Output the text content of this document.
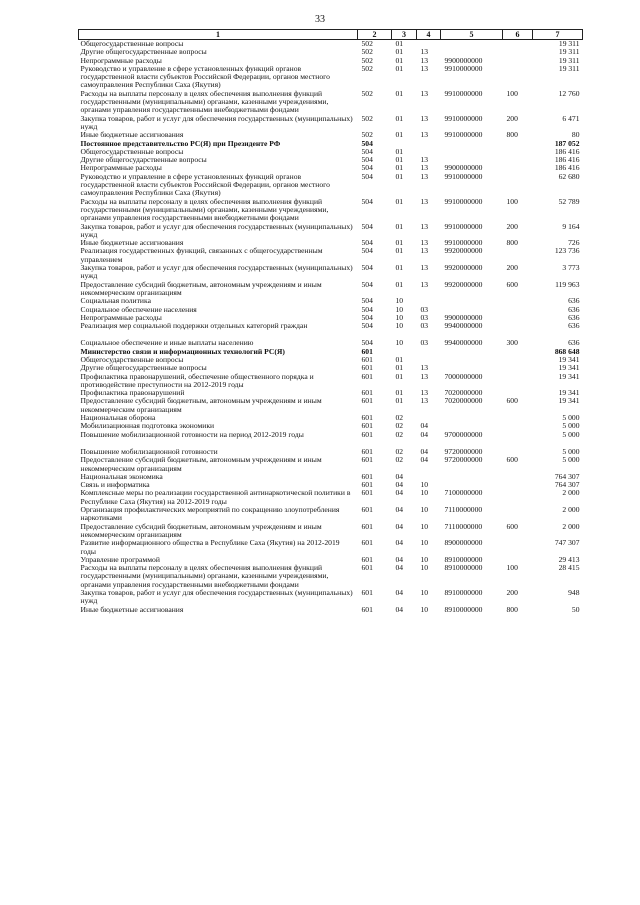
33
1	2	3	4	5	6	7
Общегосударственные вопросы	502	01				19 311
Другие общегосударственные вопросы	502	01	13			19 311
Непрограммные расходы	502	01	13	9900000000		19 311
Руководство и управление в сфере установленных функций органов государственной власти субъектов Российской Федерации, органов местного самоуправления Республики Саха (Якутия)	502	01	13	9910000000		19 311
Расходы на выплаты персоналу в целях обеспечения выполнения функций государственными (муниципальными) органами, казенными учреждениями, органами управления государственными внебюджетными фондами	502	01	13	9910000000	100	12 760
Закупка товаров, работ и услуг для обеспечения государственных (муниципальных) нужд	502	01	13	9910000000	200	6 471
Иные бюджетные ассигнования	502	01	13	9910000000	800	80
Постоянное представительство РС(Я) при Президенте РФ	504					187 052
Общегосударственные вопросы	504	01				186 416
Другие общегосударственные вопросы	504	01	13			186 416
Непрограммные расходы	504	01	13	9900000000		186 416
Руководство и управление в сфере установленных функций органов государственной власти субъектов Российской Федерации, органов местного самоуправления Республики Саха (Якутия)	504	01	13	9910000000		62 680
Расходы на выплаты персоналу в целях обеспечения выполнения функций государственными (муниципальными) органами, казенными учреждениями, органами управления государственными внебюджетными фондами	504	01	13	9910000000	100	52 789
Закупка товаров, работ и услуг для обеспечения государственных (муниципальных) нужд	504	01	13	9910000000	200	9 164
Иные бюджетные ассигнования	504	01	13	9910000000	800	726
Реализация государственных функций, связанных с общегосударственным управлением	504	01	13	9920000000		123 736
Закупка товаров, работ и услуг для обеспечения государственных (муниципальных) нужд	504	01	13	9920000000	200	3 773
Предоставление субсидий бюджетным, автономным учреждениям и иным некоммерческим организациям	504	01	13	9920000000	600	119 963
Социальная политика	504	10				636
Социальное обеспечение населения	504	10	03			636
Непрограммные расходы	504	10	03	9900000000		636
Реализация мер социальной поддержки отдельных категорий граждан	504	10	03	9940000000		636
Социальное обеспечение и иные выплаты населению	504	10	03	9940000000	300	636
Министерство связи и информационных технологий РС(Я)	601					868 648
Общегосударственные вопросы	601	01				19 341
Другие общегосударственные вопросы	601	01	13			19 341
Профилактика правонарушений, обеспечение общественного порядка и противодействие преступности на 2012-2019 годы	601	01	13	7000000000		19 341
Профилактика правонарушений	601	01	13	7020000000		19 341
Предоставление субсидий бюджетным, автономным учреждениям и иным некоммерческим организациям	601	01	13	7020000000	600	19 341
Национальная оборона	601	02				5 000
Мобилизационная подготовка экономики	601	02	04			5 000
Повышение мобилизационной готовности на период 2012-2019 годы	601	02	04	9700000000		5 000
Повышение мобилизационной готовности	601	02	04	9720000000		5 000
Предоставление субсидий бюджетным, автономным учреждениям и иным некоммерческим организациям	601	02	04	9720000000	600	5 000
Национальная экономика	601	04				764 307
Связь и информатика	601	04	10			764 307
Комплексные меры по реализации государственной антинаркотической политики в Республике Саха (Якутия) на 2012-2019 годы	601	04	10	7100000000		2 000
Организация профилактических мероприятий по сокращению злоупотребления наркотиками	601	04	10	7110000000		2 000
Предоставление субсидий бюджетным, автономным учреждениям и иным некоммерческим организациям	601	04	10	7110000000	600	2 000
Развитие информационного общества в Республике Саха (Якутия) на 2012-2019 годы	601	04	10	8900000000		747 307
Управление программой	601	04	10	8910000000		29 413
Расходы на выплаты персоналу в целях обеспечения выполнения функций государственными (муниципальными) органами, казенными учреждениями, органами управления государственными внебюджетными фондами	601	04	10	8910000000	100	28 415
Закупка товаров, работ и услуг для обеспечения государственных (муниципальных) нужд	601	04	10	8910000000	200	948
Иные бюджетные ассигнования	601	04	10	8910000000	800	50
